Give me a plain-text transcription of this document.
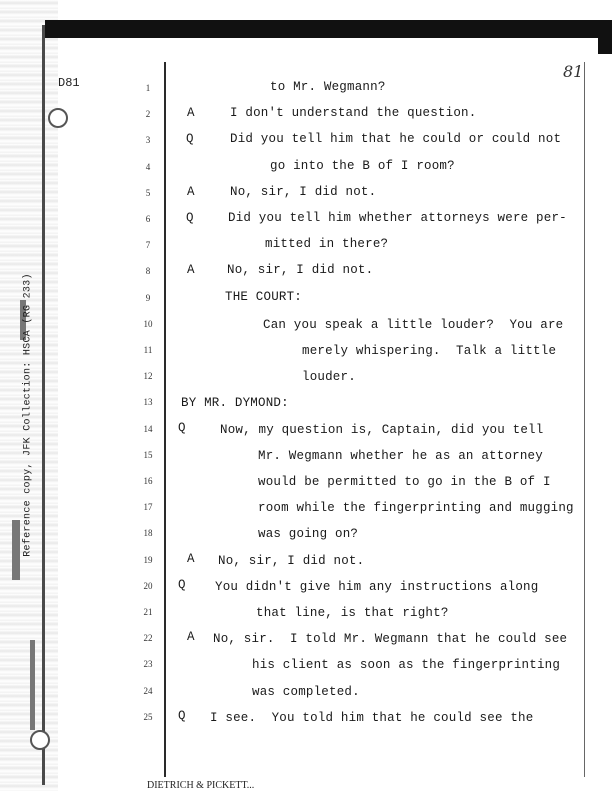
D81
81
Reference copy, JFK Collection: HSCA (RG 233)
1	to Mr. Wegmann?
2	A	I don't understand the question.
3	Q	Did you tell him that he could or could not
4	go into the B of I room?
5	A	No, sir, I did not.
6	Q	Did you tell him whether attorneys were per-
7	mitted in there?
8	A	No, sir, I did not.
9	THE COURT:
10	Can you speak a little louder?  You are
11	merely whispering.  Talk a little
12	louder.
13	BY MR. DYMOND:
14	Q	Now, my question is, Captain, did you tell
15	Mr. Wegmann whether he as an attorney
16	would be permitted to go in the B of I
17	room while the fingerprinting and mugging
18	was going on?
19	A No, sir, I did not.
20	Q You didn't give him any instructions along
21	that line, is that right?
22	A No, sir.  I told Mr. Wegmann that he could see
23	his client as soon as the fingerprinting
24	was completed.
25	Q I see.  You told him that he could see the
DIETRICH & PICKETT...
